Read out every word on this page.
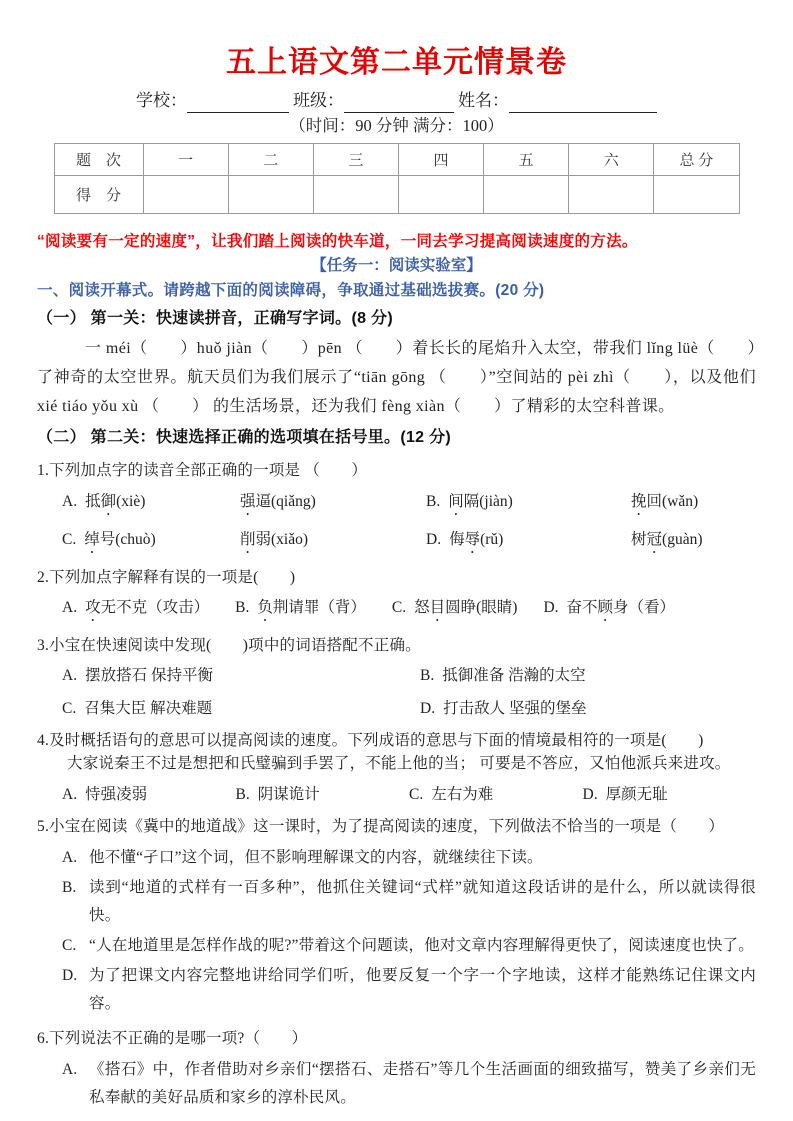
五上语文第二单元情景卷
学校：	班级：	姓名：
（时间：90 分钟 满分：100）
题　次	一	二	三	四	五	六	总 分
得　分							

“阅读要有一定的速度”，让我们踏上阅读的快车道，一同去学习提高阅读速度的方法。

【任务一：阅读实验室】

一、阅读开幕式。请跨越下面的阅读障碍，争取通过基础选拔赛。(20 分)

（一） 第一关：快速读拼音，正确写字词。(8 分)

一 méi（　　）huǒ jiàn（　　）pēn （　　）着长长的尾焰升入太空，带我们 lǐng lüè（　　）了神奇的太空世界。航天员们为我们展示了“tiān gōng （　　）”空间站的 pèi zhì（　　），以及他们 xié tiáo yǒu xù （　　） 的生活场景，还为我们 fèng xiàn（　　）了精彩的太空科普课。

（二） 第二关：快速选择正确的选项填在括号里。(12 分)

1.下列加点字的读音全部正确的一项是 （　　）
A. 抵御(xiè)	强逼(qiǎng)	B. 间隔(jiàn)	挽回(wǎn)
C. 绰号(chuò)	削弱(xiǎo)	D. 侮辱(rǔ)	树冠(guàn)
2.下列加点字解释有误的一项是(　　)
A. 攻无不克（攻击） B. 负荆请罪（背） C. 怒目圆睁(眼睛) D. 奋不顾身（看）
3.小宝在快速阅读中发现(　　)项中的词语搭配不正确。
A. 摆放搭石 保持平衡	B. 抵御准备 浩瀚的太空
C. 召集大臣 解决难题	D. 打击敌人 坚强的堡垒
4.及时概括语句的意思可以提高阅读的速度。下列成语的意思与下面的情境最相符的一项是(　　)
大家说秦王不过是想把和氏璧骗到手罢了，不能上他的当； 可要是不答应，又怕他派兵来进攻。
A. 恃强凌弱	B. 阴谋诡计	C. 左右为难	D. 厚颜无耻
5.小宝在阅读《冀中的地道战》这一课时，为了提高阅读的速度，下列做法不恰当的一项是（　　）
A. 他不懂“孑口”这个词，但不影响理解课文的内容，就继续往下读。
B. 读到“地道的式样有一百多种”，他抓住关键词“式样”就知道这段话讲的是什么，所以就读得很快。
C. “人在地道里是怎样作战的呢?”带着这个问题读，他对文章内容理解得更快了，阅读速度也快了。
D. 为了把课文内容完整地讲给同学们听，他要反复一个字一个字地读，这样才能熟练记住课文内容。
6.下列说法不正确的是哪一项?（　　）
A. 《搭石》中，作者借助对乡亲们“摆搭石、走搭石”等几个生活画面的细致描写，赞美了乡亲们无私奉献的美好品质和家乡的淳朴民风。
